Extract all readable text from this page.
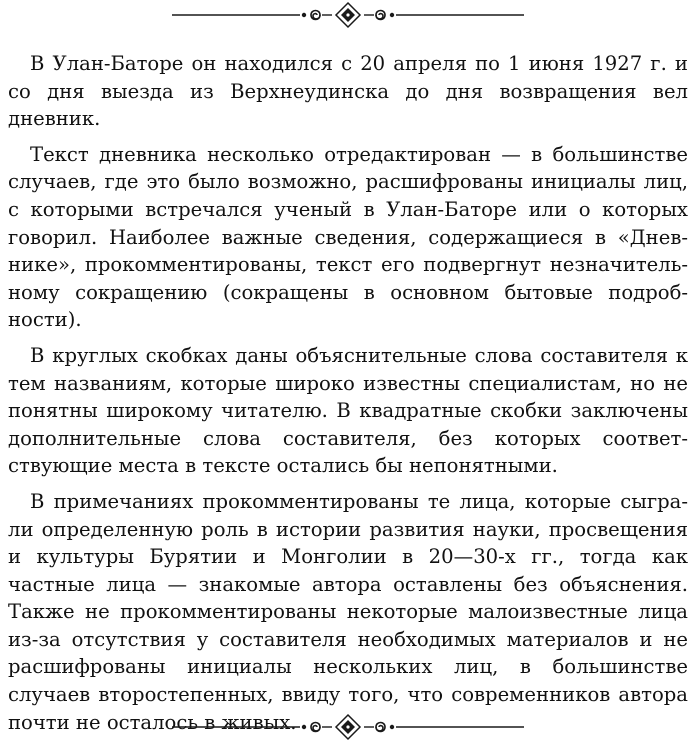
В Улан-Баторе он находился с 20 апреля по 1 июня 1927 г. и со дня выезда из Верхнеудинска до дня возвращения вел дневник.

Текст дневника несколько отредактирован — в большинстве случаев, где это было возможно, расшифрованы инициалы лиц, с которыми встречался ученый в Улан-Баторе или о которых говорил. Наиболее важные сведения, содержащиеся в «Дневнике», прокомментированы, текст его подвергнут незначительному сокращению (сокращены в основном бытовые подробности).

В круглых скобках даны объяснительные слова составителя к тем названиям, которые широко известны специалистам, но не понятны широкому читателю. В квадратные скобки заключены дополнительные слова составителя, без которых соответствующие места в тексте остались бы непонятными.

В примечаниях прокомментированы те лица, которые сыграли определенную роль в истории развития науки, просвещения и культуры Бурятии и Монголии в 20—30-х гг., тогда как частные лица — знакомые автора оставлены без объяснения. Также не прокомментированы некоторые малоизвестные лица из-за отсутствия у составителя необходимых материалов и не расшифрованы инициалы нескольких лиц, в большинстве случаев второстепенных, ввиду того, что современников автора почти не осталось в живых.
